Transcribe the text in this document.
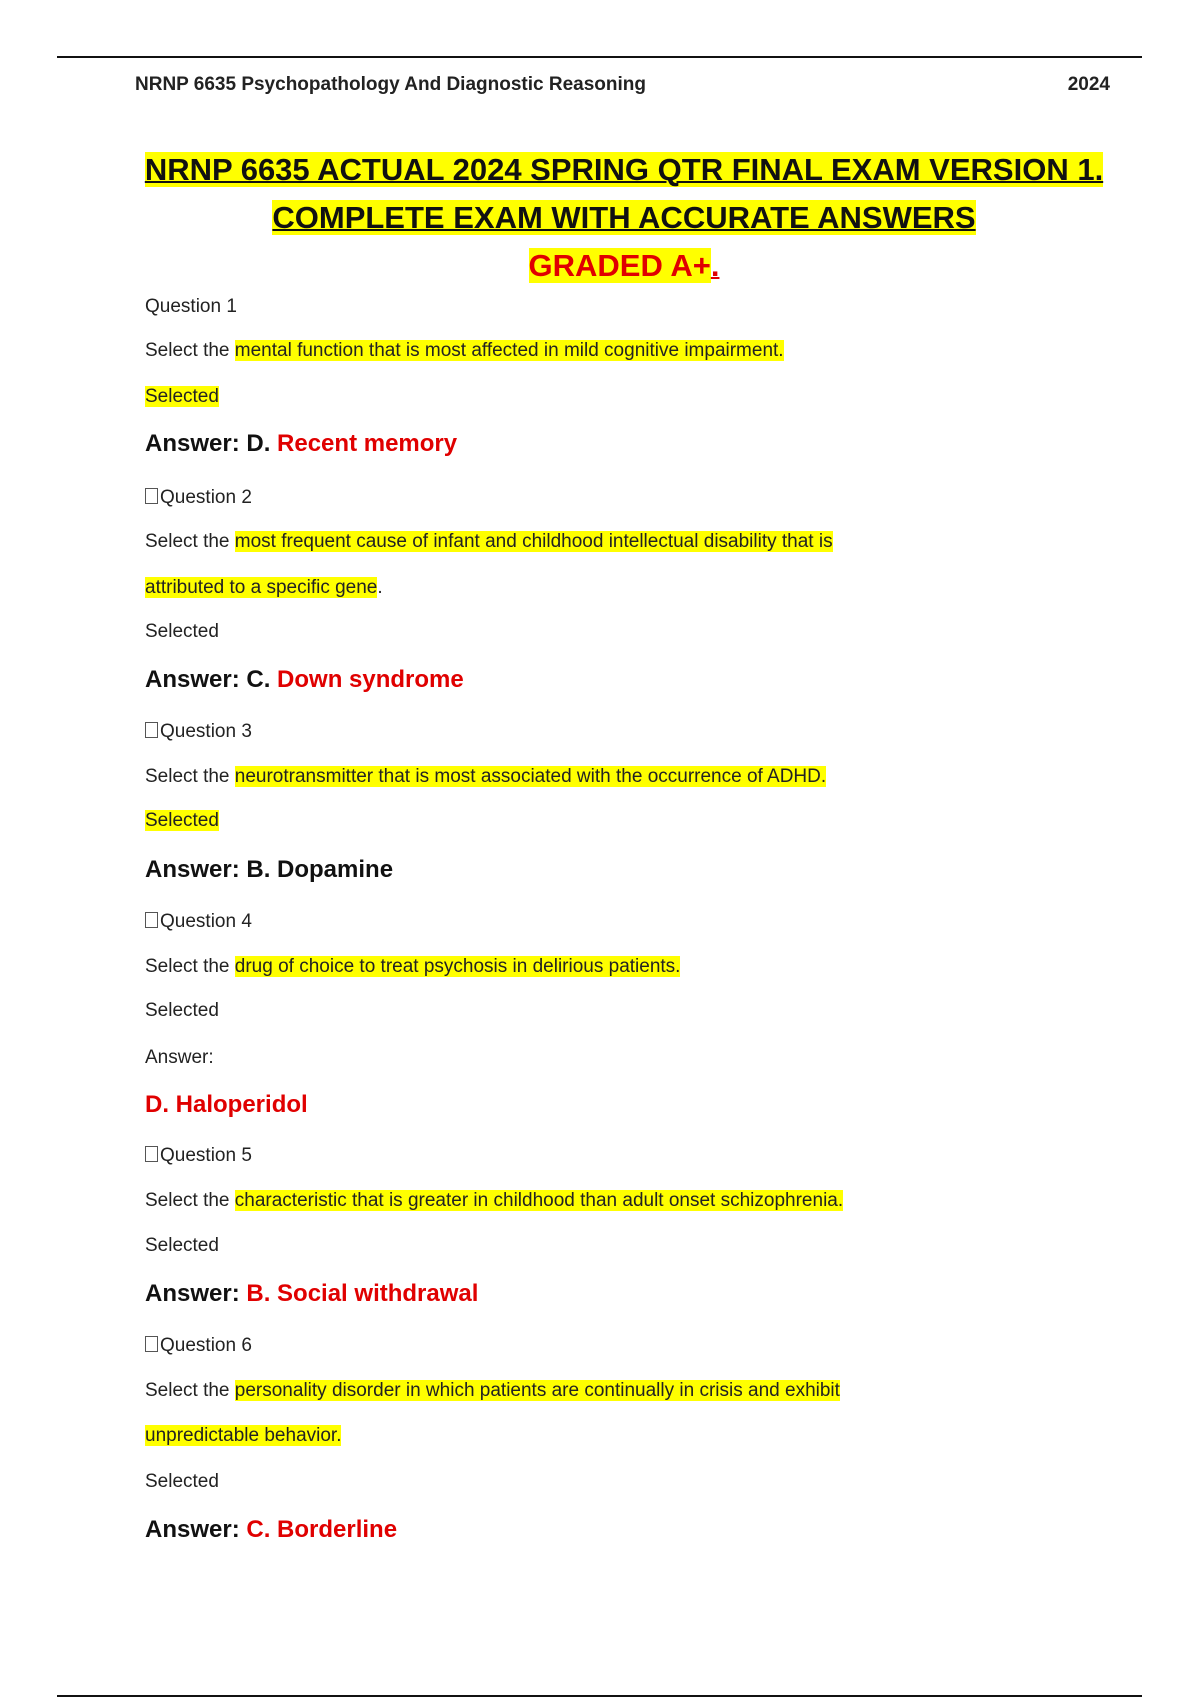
NRNP 6635 Psychopathology And Diagnostic Reasoning	2024
NRNP 6635 ACTUAL 2024 SPRING QTR FINAL EXAM VERSION 1.
COMPLETE EXAM WITH ACCURATE ANSWERS
GRADED A+.
Question 1
Select the mental function that is most affected in mild cognitive impairment.
Selected
Answer: D. Recent memory
Question 2
Select the most frequent cause of infant and childhood intellectual disability that is
attributed to a specific gene.
Selected
Answer: C. Down syndrome
Question 3
Select the neurotransmitter that is most associated with the occurrence of ADHD.
Selected
Answer: B. Dopamine
Question 4
Select the drug of choice to treat psychosis in delirious patients.
Selected
Answer:
D. Haloperidol
Question 5
Select the characteristic that is greater in childhood than adult onset schizophrenia.
Selected
Answer: B. Social withdrawal
Question 6
Select the personality disorder in which patients are continually in crisis and exhibit
unpredictable behavior.
Selected
Answer: C. Borderline
